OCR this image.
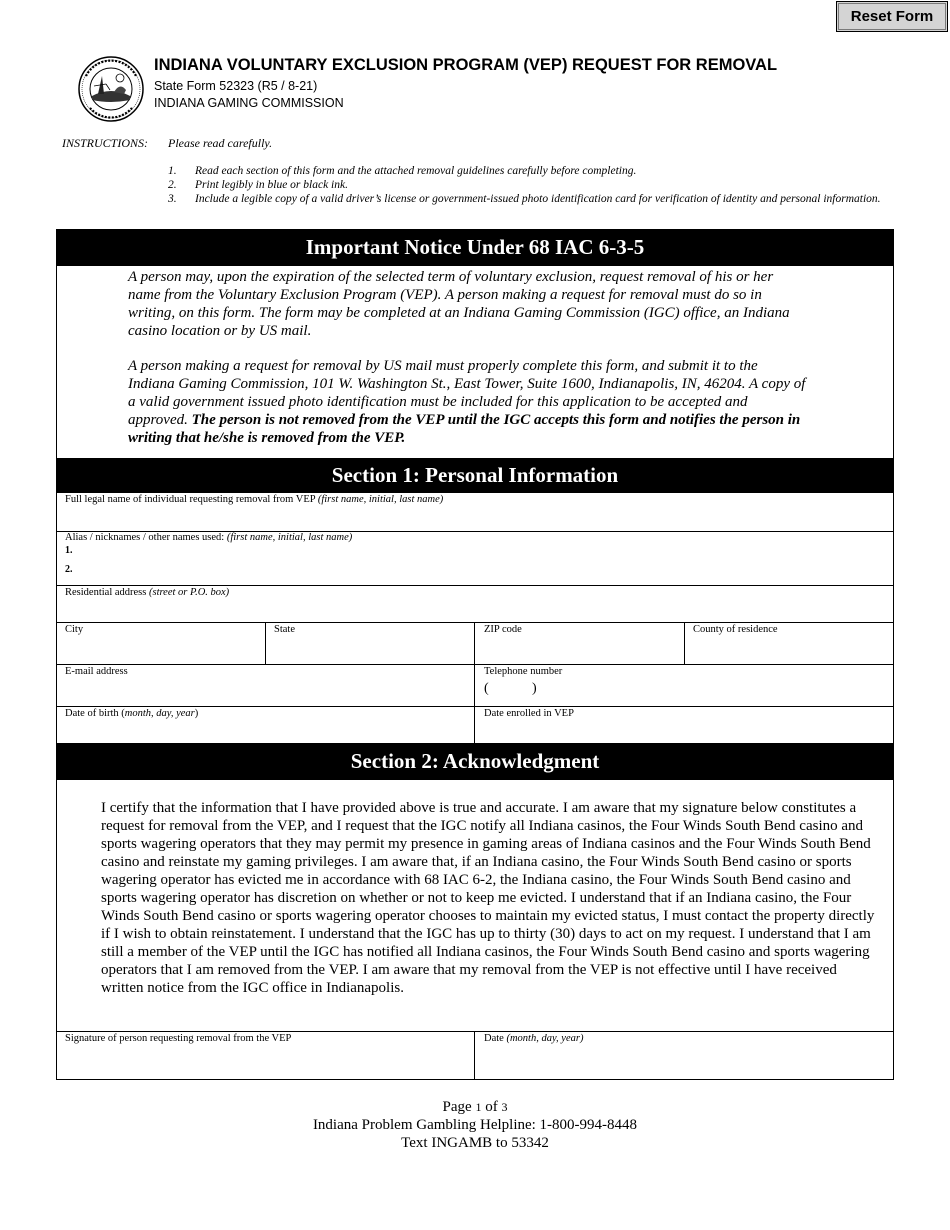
Reset Form
INDIANA VOLUNTARY EXCLUSION PROGRAM (VEP) REQUEST FOR REMOVAL
State Form 52323 (R5 / 8-21)
INDIANA GAMING COMMISSION
INSTRUCTIONS: Please read carefully.
1.	Read each section of this form and the attached removal guidelines carefully before completing.
2.	Print legibly in blue or black ink.
3.	Include a legible copy of a valid driver’s license or government-issued photo identification card for verification of identity and personal information.
Important Notice Under 68 IAC 6-3-5
A person may, upon the expiration of the selected term of voluntary exclusion, request removal of his or her name from the Voluntary Exclusion Program (VEP). A person making a request for removal must do so in writing, on this form. The form may be completed at an Indiana Gaming Commission (IGC) office, an Indiana casino location or by US mail.
A person making a request for removal by US mail must properly complete this form, and submit it to the Indiana Gaming Commission, 101 W. Washington St., East Tower, Suite 1600, Indianapolis, IN, 46204. A copy of a valid government issued photo identification must be included for this application to be accepted and approved. The person is not removed from the VEP until the IGC accepts this form and notifies the person in writing that he/she is removed from the VEP.
Section 1: Personal Information
Full legal name of individual requesting removal from VEP (first name, initial, last name)
Alias / nicknames / other names used: (first name, initial, last name)
1.
2.
Residential address (street or P.O. box)
City	State	ZIP code	County of residence
E-mail address	Telephone number
(	)
Date of birth (month, day, year)	Date enrolled in VEP
Section 2: Acknowledgment
I certify that the information that I have provided above is true and accurate. I am aware that my signature below constitutes a request for removal from the VEP, and I request that the IGC notify all Indiana casinos, the Four Winds South Bend casino and sports wagering operators that they may permit my presence in gaming areas of Indiana casinos and the Four Winds South Bend casino and reinstate my gaming privileges. I am aware that, if an Indiana casino, the Four Winds South Bend casino or sports wagering operator has evicted me in accordance with 68 IAC 6-2, the Indiana casino, the Four Winds South Bend casino and sports wagering operator has discretion on whether or not to keep me evicted. I understand that if an Indiana casino, the Four Winds South Bend casino or sports wagering operator chooses to maintain my evicted status, I must contact the property directly if I wish to obtain reinstatement. I understand that the IGC has up to thirty (30) days to act on my request. I understand that I am still a member of the VEP until the IGC has notified all Indiana casinos, the Four Winds South Bend casino and sports wagering operators that I am removed from the VEP. I am aware that my removal from the VEP is not effective until I have received written notice from the IGC office in Indianapolis.
Signature of person requesting removal from the VEP	Date (month, day, year)
Page 1 of 3
Indiana Problem Gambling Helpline: 1-800-994-8448
Text INGAMB to 53342
